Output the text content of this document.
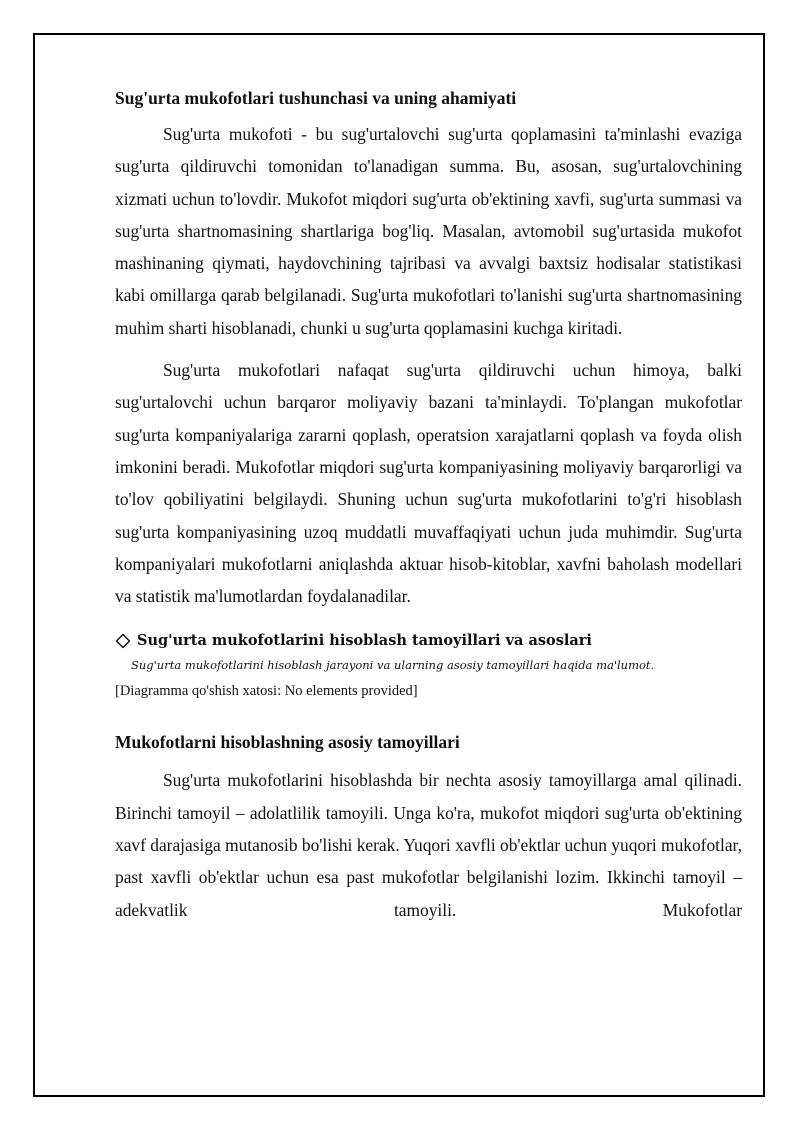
Sug'urta mukofotlari tushunchasi va uning ahamiyati

Sug'urta mukofoti - bu sug'urtalovchi sug'urta qoplamasini ta'minlashi evaziga sug'urta qildiruvchi tomonidan to'lanadigan summa. Bu, asosan, sug'urtalovchining xizmati uchun to'lovdir. Mukofot miqdori sug'urta ob'ektining xavfi, sug'urta summasi va sug'urta shartnomasining shartlariga bog'liq. Masalan, avtomobil sug'urtasida mukofot mashinaning qiymati, haydovchining tajribasi va avvalgi baxtsiz hodisalar statistikasi kabi omillarga qarab belgilanadi. Sug'urta mukofotlari to'lanishi sug'urta shartnomasining muhim sharti hisoblanadi, chunki u sug'urta qoplamasini kuchga kiritadi.

Sug'urta mukofotlari nafaqat sug'urta qildiruvchi uchun himoya, balki sug'urtalovchi uchun barqaror moliyaviy bazani ta'minlaydi. To'plangan mukofotlar sug'urta kompaniyalariga zararni qoplash, operatsion xarajatlarni qoplash va foyda olish imkonini beradi. Mukofotlar miqdori sug'urta kompaniyasining moliyaviy barqarorligi va to'lov qobiliyatini belgilaydi. Shuning uchun sug'urta mukofotlarini to'g'ri hisoblash sug'urta kompaniyasining uzoq muddatli muvaffaqiyati uchun juda muhimdir. Sug'urta kompaniyalari mukofotlarni aniqlashda aktuar hisob-kitoblar, xavfni baholash modellari va statistik ma'lumotlardan foydalanadilar.

Sug'urta mukofotlarini hisoblash tamoyillari va asoslari
Sug'urta mukofotlarini hisoblash jarayoni va ularning asosiy tamoyillari haqida ma'lumot.
[Diagramma qo'shish xatosi: No elements provided]
Mukofotlarni hisoblashning asosiy tamoyillari

Sug'urta mukofotlarini hisoblashda bir nechta asosiy tamoyillarga amal qilinadi. Birinchi tamoyil – adolatlilik tamoyili. Unga ko'ra, mukofot miqdori sug'urta ob'ektining xavf darajasiga mutanosib bo'lishi kerak. Yuqori xavfli ob'ektlar uchun yuqori mukofotlar, past xavfli ob'ektlar uchun esa past mukofotlar belgilanishi lozim. Ikkinchi tamoyil – adekvatlik tamoyili. Mukofotlar
